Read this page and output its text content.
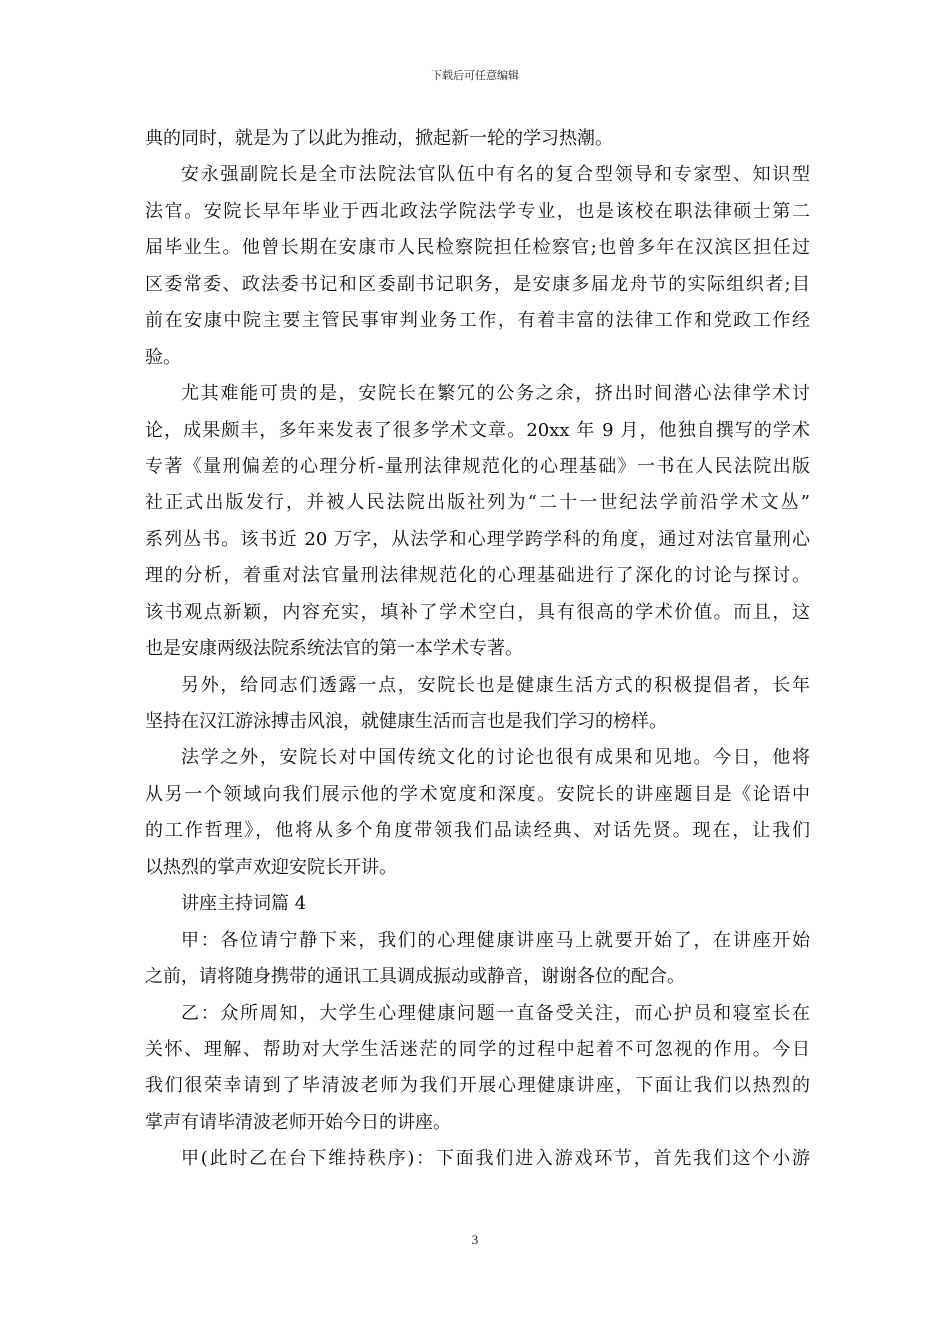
下载后可任意编辑
典的同时，就是为了以此为推动，掀起新一轮的学习热潮。
安永强副院长是全市法院法官队伍中有名的复合型领导和专家型、知识型
法官。安院长早年毕业于西北政法学院法学专业，也是该校在职法律硕士第二
届毕业生。他曾长期在安康市人民检察院担任检察官;也曾多年在汉滨区担任过
区委常委、政法委书记和区委副书记职务，是安康多届龙舟节的实际组织者;目
前在安康中院主要主管民事审判业务工作，有着丰富的法律工作和党政工作经
验。
尤其难能可贵的是，安院长在繁冗的公务之余，挤出时间潜心法律学术讨
论，成果颇丰，多年来发表了很多学术文章。20xx 年 9 月，他独自撰写的学术
专著《量刑偏差的心理分析-量刑法律规范化的心理基础》一书在人民法院出版
社正式出版发行，并被人民法院出版社列为“二十一世纪法学前沿学术文丛”
系列丛书。该书近 20 万字，从法学和心理学跨学科的角度，通过对法官量刑心
理的分析，着重对法官量刑法律规范化的心理基础进行了深化的讨论与探讨。
该书观点新颖，内容充实，填补了学术空白，具有很高的学术价值。而且，这
也是安康两级法院系统法官的第一本学术专著。
另外，给同志们透露一点，安院长也是健康生活方式的积极提倡者，长年
坚持在汉江游泳搏击风浪，就健康生活而言也是我们学习的榜样。
法学之外，安院长对中国传统文化的讨论也很有成果和见地。今日，他将
从另一个领域向我们展示他的学术宽度和深度。安院长的讲座题目是《论语中
的工作哲理》，他将从多个角度带领我们品读经典、对话先贤。现在，让我们
以热烈的掌声欢迎安院长开讲。
讲座主持词篇 4
甲：各位请宁静下来，我们的心理健康讲座马上就要开始了，在讲座开始
之前，请将随身携带的通讯工具调成振动或静音，谢谢各位的配合。
乙：众所周知，大学生心理健康问题一直备受关注，而心护员和寝室长在
关怀、理解、帮助对大学生活迷茫的同学的过程中起着不可忽视的作用。今日
我们很荣幸请到了毕清波老师为我们开展心理健康讲座，下面让我们以热烈的
掌声有请毕清波老师开始今日的讲座。
甲(此时乙在台下维持秩序)：下面我们进入游戏环节，首先我们这个小游
3
